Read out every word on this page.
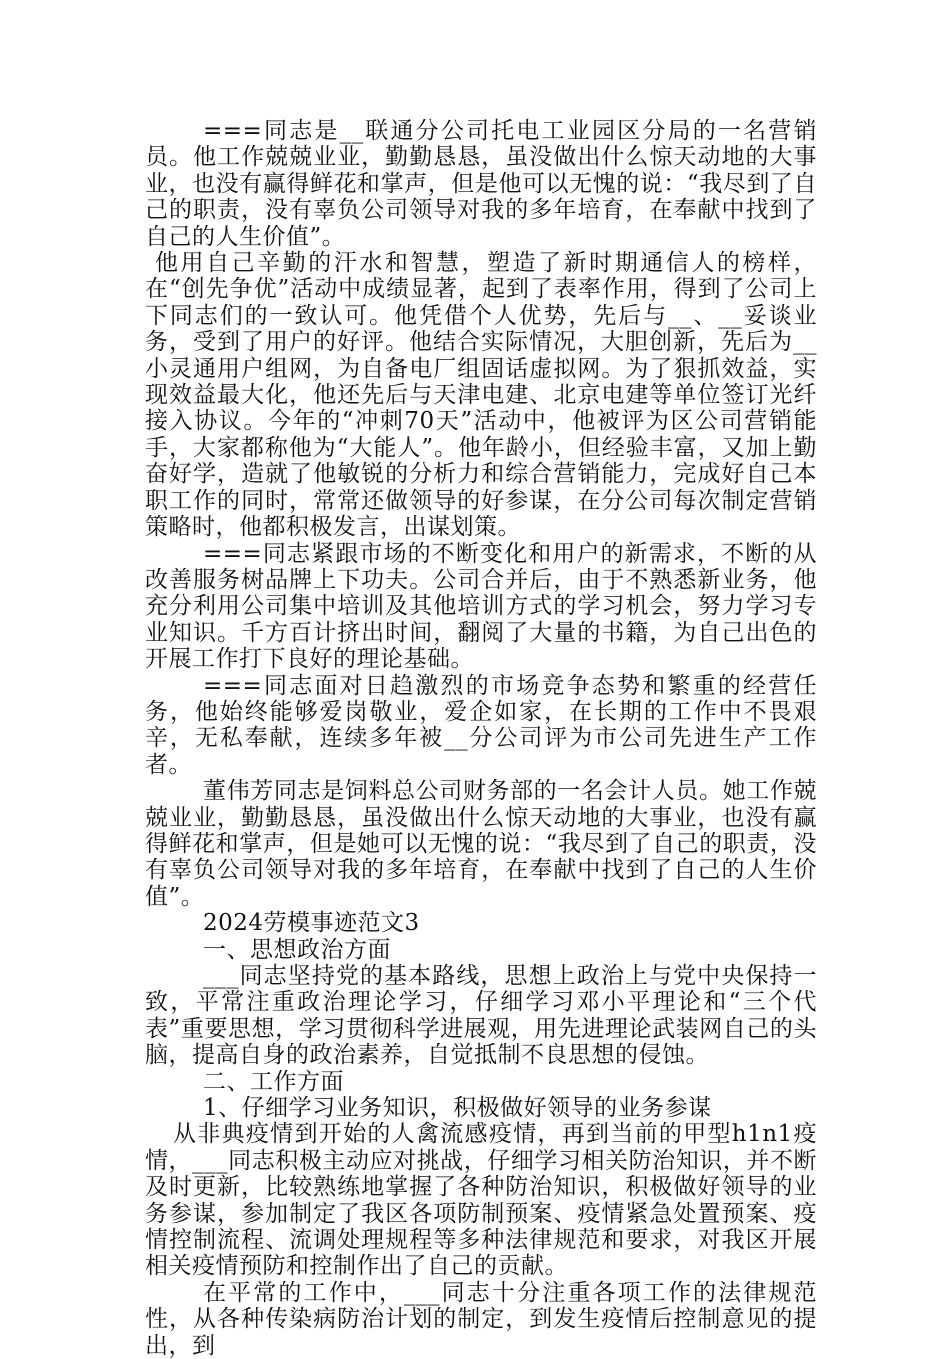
===同志是__联通分公司托电工业园区分局的一名营销员。他工作兢兢业业，勤勤恳恳，虽没做出什么惊天动地的大事业，也没有赢得鲜花和掌声，但是他可以无愧的说：“我尽到了自己的职责，没有辜负公司领导对我的多年培育，在奉献中找到了自己的人生价值”。

他用自己辛勤的汗水和智慧，塑造了新时期通信人的榜样，在“创先争优”活动中成绩显著，起到了表率作用，得到了公司上下同志们的一致认可。他凭借个人优势，先后与__、__妥谈业务，受到了用户的好评。他结合实际情况，大胆创新，先后为__小灵通用户组网，为自备电厂组固话虚拟网。为了狠抓效益，实现效益最大化，他还先后与天津电建、北京电建等单位签订光纤接入协议。今年的“冲刺70天”活动中，他被评为区公司营销能手，大家都称他为“大能人”。他年龄小，但经验丰富，又加上勤奋好学，造就了他敏锐的分析力和综合营销能力，完成好自己本职工作的同时，常常还做领导的好参谋，在分公司每次制定营销策略时，他都积极发言，出谋划策。

===同志紧跟市场的不断变化和用户的新需求，不断的从改善服务树品牌上下功夫。公司合并后，由于不熟悉新业务，他充分利用公司集中培训及其他培训方式的学习机会，努力学习专业知识。千方百计挤出时间，翻阅了大量的书籍，为自己出色的开展工作打下良好的理论基础。

===同志面对日趋激烈的市场竞争态势和繁重的经营任务，他始终能够爱岗敬业，爱企如家，在长期的工作中不畏艰辛，无私奉献，连续多年被__分公司评为市公司先进生产工作者。

董伟芳同志是饲料总公司财务部的一名会计人员。她工作兢兢业业，勤勤恳恳，虽没做出什么惊天动地的大事业，也没有赢得鲜花和掌声，但是她可以无愧的说：“我尽到了自己的职责，没有辜负公司领导对我的多年培育，在奉献中找到了自己的人生价值”。

2024劳模事迹范文3

一、思想政治方面

___同志坚持党的基本路线，思想上政治上与党中央保持一致，平常注重政治理论学习，仔细学习邓小平理论和“三个代表”重要思想，学习贯彻科学进展观，用先进理论武装网自己的头脑，提高自身的政治素养，自觉抵制不良思想的侵蚀。

二、工作方面

1、仔细学习业务知识，积极做好领导的业务参谋

从非典疫情到开始的人禽流感疫情，再到当前的甲型h1n1疫情，___同志积极主动应对挑战，仔细学习相关防治知识，并不断及时更新，比较熟练地掌握了各种防治知识，积极做好领导的业务参谋，参加制定了我区各项防制预案、疫情紧急处置预案、疫情控制流程、流调处理规程等多种法律规范和要求，对我区开展相关疫情预防和控制作出了自己的贡献。

在平常的工作中，___同志十分注重各项工作的法律规范性，从各种传染病防治计划的制定，到发生疫情后控制意见的提出，到
